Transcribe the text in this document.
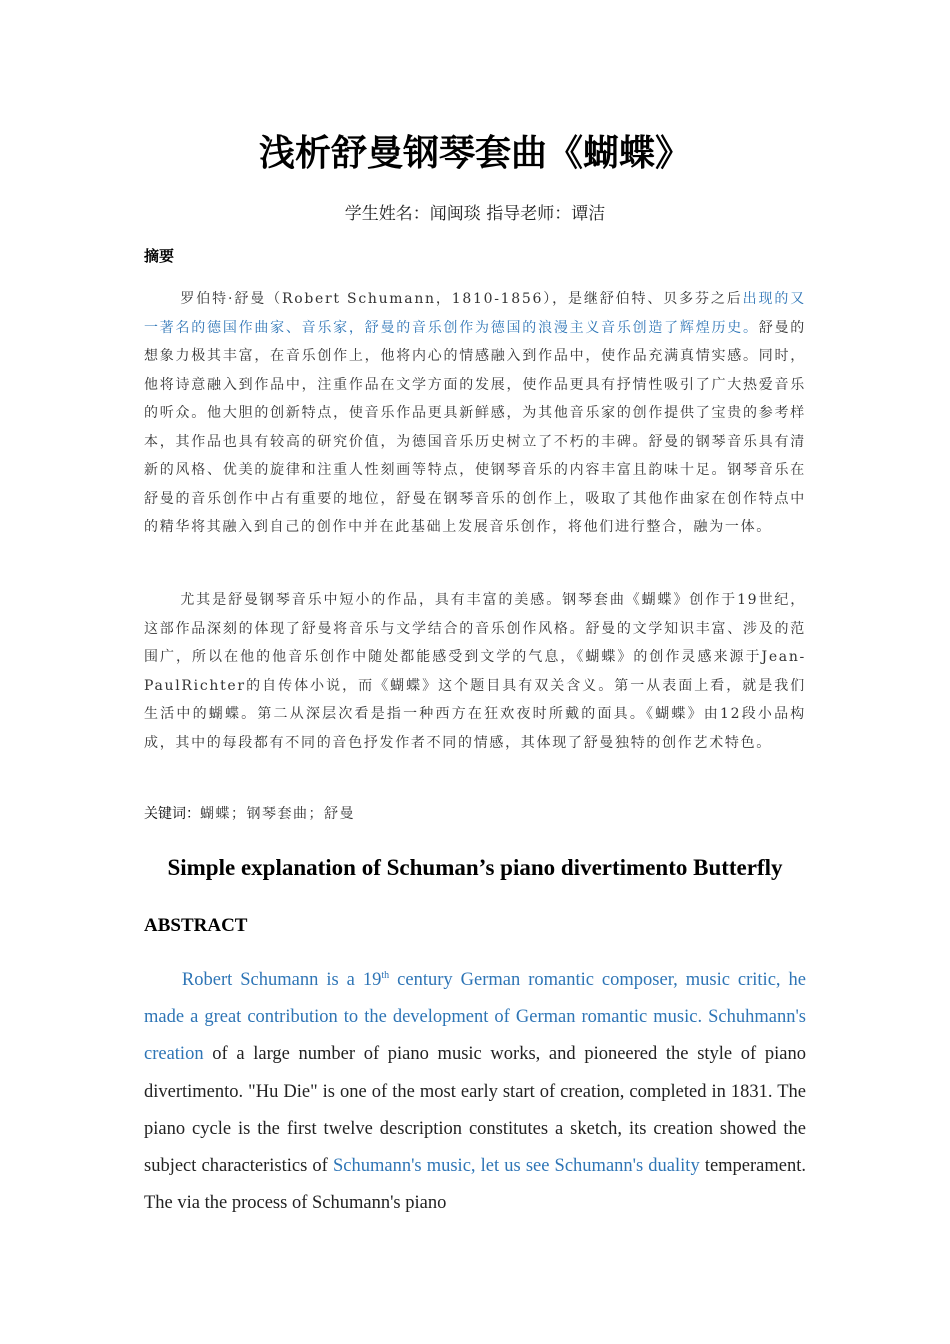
浅析舒曼钢琴套曲《蝴蝶》
学生姓名：闻闽琰 指导老师：谭洁
摘要

罗伯特·舒曼（Robert Schumann，1810-1856），是继舒伯特、贝多芬之后出现的又一著名的德国作曲家、音乐家，舒曼的音乐创作为德国的浪漫主义音乐创造了辉煌历史。舒曼的想象力极其丰富，在音乐创作上，他将内心的情感融入到作品中，使作品充满真情实感。同时，他将诗意融入到作品中，注重作品在文学方面的发展，使作品更具有抒情性吸引了广大热爱音乐的听众。他大胆的创新特点，使音乐作品更具新鲜感，为其他音乐家的创作提供了宝贵的参考样本，其作品也具有较高的研究价值，为德国音乐历史树立了不朽的丰碑。舒曼的钢琴音乐具有清新的风格、优美的旋律和注重人性刻画等特点，使钢琴音乐的内容丰富且韵味十足。钢琴音乐在舒曼的音乐创作中占有重要的地位，舒曼在钢琴音乐的创作上，吸取了其他作曲家在创作特点中的精华将其融入到自己的创作中并在此基础上发展音乐创作，将他们进行整合，融为一体。

尤其是舒曼钢琴音乐中短小的作品，具有丰富的美感。钢琴套曲《蝴蝶》创作于19世纪，这部作品深刻的体现了舒曼将音乐与文学结合的音乐创作风格。舒曼的文学知识丰富、涉及的范围广，所以在他的他音乐创作中随处都能感受到文学的气息，《蝴蝶》的创作灵感来源于Jean-PaulRichter的自传体小说，而《蝴蝶》这个题目具有双关含义。第一从表面上看，就是我们生活中的蝴蝶。第二从深层次看是指一种西方在狂欢夜时所戴的面具。《蝴蝶》由12段小品构成，其中的每段都有不同的音色抒发作者不同的情感，其体现了舒曼独特的创作艺术特色。

关键词：蝴蝶；钢琴套曲；舒曼
Simple explanation of Schuman’s piano divertimento Butterfly
ABSTRACT

Robert Schumann is a 19th century German romantic composer, music critic, he made a great contribution to the development of German romantic music. Schuhmann's creation of a large number of piano music works, and pioneered the style of piano divertimento. "Hu Die" is one of the most early start of creation, completed in 1831. The piano cycle is the first twelve description constitutes a sketch, its creation showed the subject characteristics of Schumann's music, let us see Schumann's duality temperament. The via the process of Schumann's piano
